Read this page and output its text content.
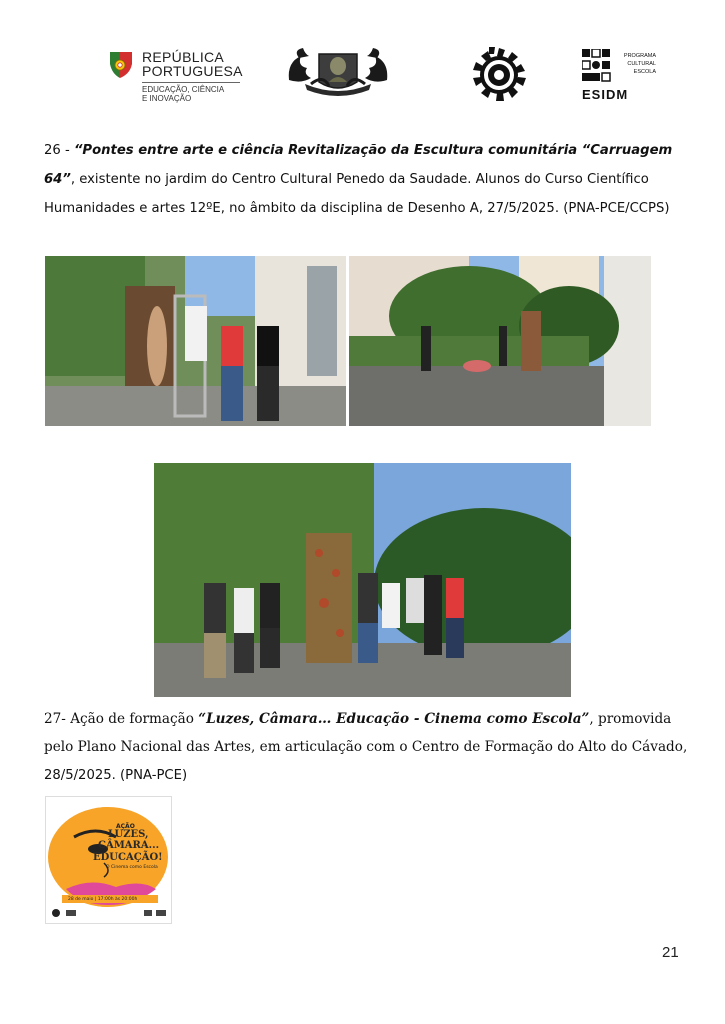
REPÚBLICA
PORTUGUESA
EDUCAÇÃO, CIÊNCIA
E INOVAÇÃO
PROGRAMA
CULTURAL
ESCOLA
ESIDM
26 - “Pontes entre arte e ciência Revitalização da Escultura comunitária “Carruagem 64”, existente no jardim do Centro Cultural Penedo da Saudade. Alunos do Curso Científico Humanidades e artes 12ºE, no âmbito da disciplina de Desenho A, 27/5/2025. (PNA-PCE/CCPS)
27- Ação de formação “Luzes, Câmara… Educação - Cinema como Escola”, promovida pelo Plano Nacional das Artes, em articulação com o Centro de Formação do Alto do Cávado, 28/5/2025. (PNA-PCE)
AÇÃO
LUZES,
CÂMARA...
EDUCAÇÃO!
O Cinema como Escola
28 de maio | 17:00h às 20:00h
21
